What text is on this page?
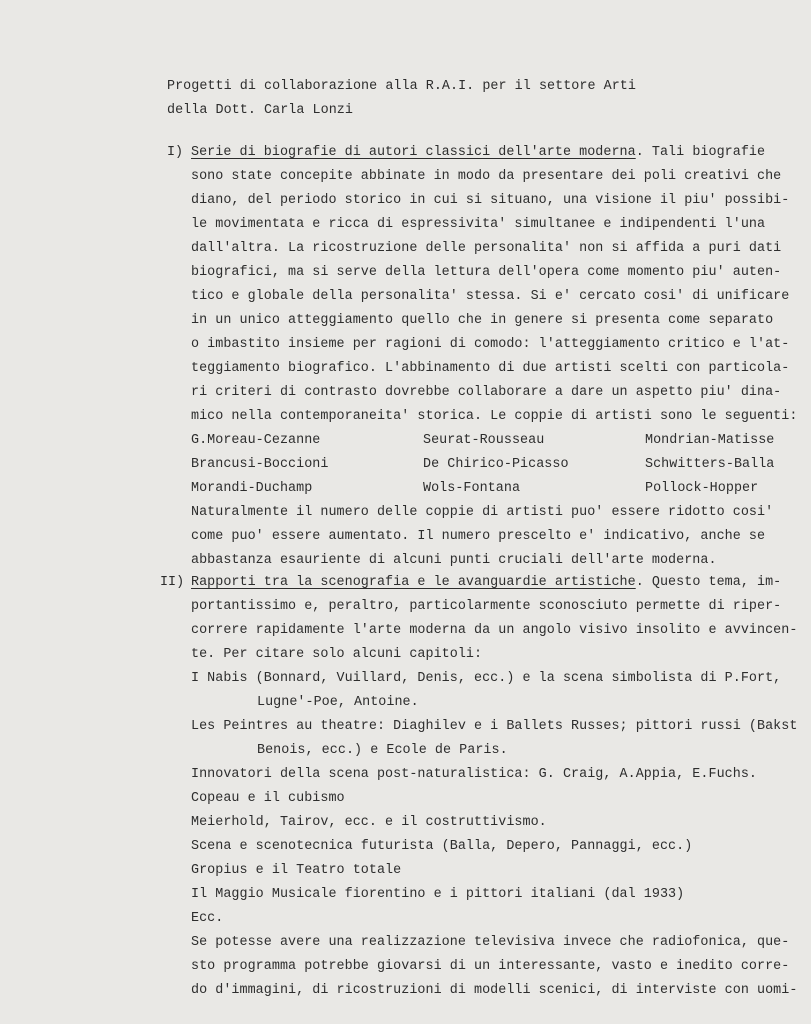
Progetti di collaborazione alla R.A.I. per il settore Arti
della Dott. Carla Lonzi
I) Serie di biografie di autori classici dell'arte moderna. Tali biografie
sono state concepite abbinate in modo da presentare dei poli creativi che
diano, del periodo storico in cui si situano, una visione il piu' possibi-
le movimentata e ricca di espressivita' simultanee e indipendenti l'una
dall'altra. La ricostruzione delle personalita' non si affida a puri dati
biografici, ma si serve della lettura dell'opera come momento piu' auten-
tico e globale della personalita' stessa. Si e' cercato cosi' di unificare
in un unico atteggiamento quello che in genere si presenta come separato
o imbastito insieme per ragioni di comodo: l'atteggiamento critico e l'at-
teggiamento biografico. L'abbinamento di due artisti scelti con particola-
ri criteri di contrasto dovrebbe collaborare a dare un aspetto piu' dina-
mico nella contemporaneita' storica. Le coppie di artisti sono le seguenti:
G.Moreau-Cezanne	Seurat-Rousseau	Mondrian-Matisse
Brancusi-Boccioni	De Chirico-Picasso	Schwitters-Balla
Morandi-Duchamp	Wols-Fontana	Pollock-Hopper
Naturalmente il numero delle coppie di artisti puo' essere ridotto cosi'
come puo' essere aumentato. Il numero prescelto e' indicativo, anche se
abbastanza esauriente di alcuni punti cruciali dell'arte moderna.
II) Rapporti tra la scenografia e le avanguardie artistiche. Questo tema, im-
portantissimo e, peraltro, particolarmente sconosciuto permette di riper-
correre rapidamente l'arte moderna da un angolo visivo insolito e avvincen-
te. Per citare solo alcuni capitoli:
I Nabis (Bonnard, Vuillard, Denis, ecc.) e la scena simbolista di P.Fort,
Lugne'-Poe, Antoine.
Les Peintres au theatre: Diaghilev e i Ballets Russes; pittori russi (Bakst
Benois, ecc.) e Ecole de Paris.
Innovatori della scena post-naturalistica: G. Craig, A.Appia, E.Fuchs.
Copeau e il cubismo
Meierhold, Tairov, ecc. e il costruttivismo.
Scena e scenotecnica futurista (Balla, Depero, Pannaggi, ecc.)
Gropius e il Teatro totale
Il Maggio Musicale fiorentino e i pittori italiani (dal 1933)
Ecc.
Se potesse avere una realizzazione televisiva invece che radiofonica, que-
sto programma potrebbe giovarsi di un interessante, vasto e inedito corre-
do d'immagini, di ricostruzioni di modelli scenici, di interviste con uomi-
